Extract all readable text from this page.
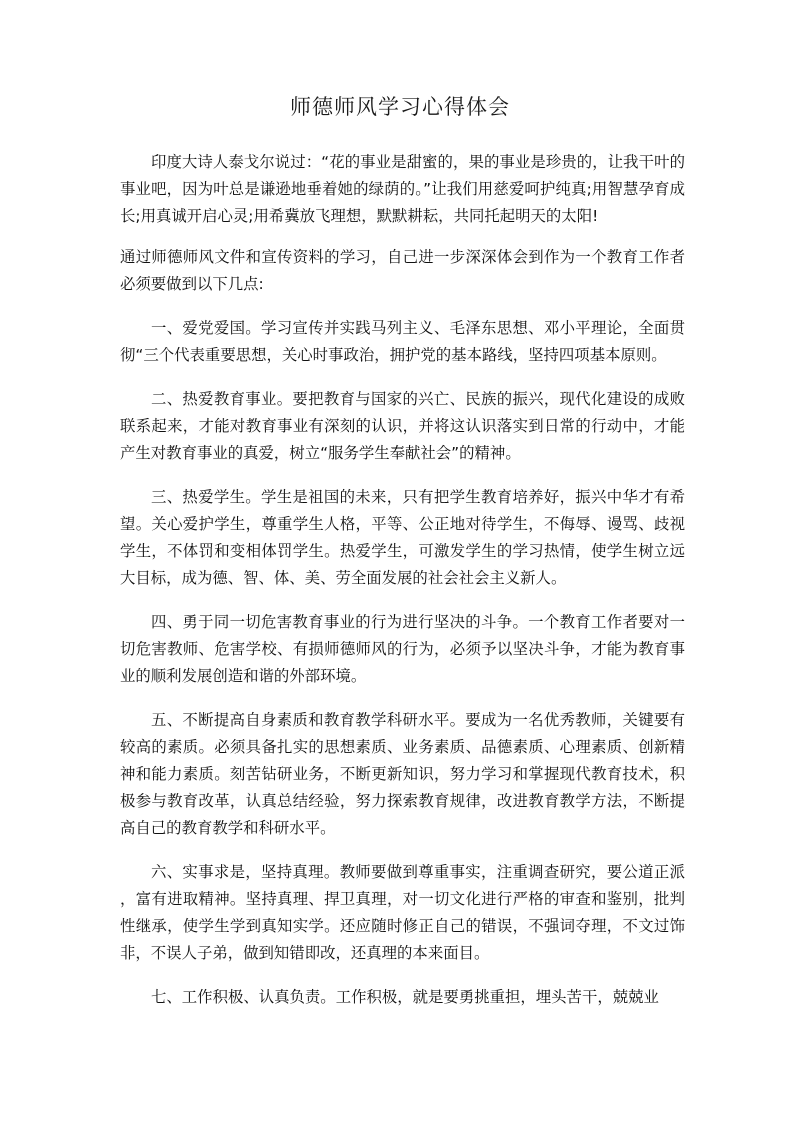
师德师风学习心得体会

印度大诗人泰戈尔说过：“花的事业是甜蜜的，果的事业是珍贵的，让我干叶的事业吧，因为叶总是谦逊地垂着她的绿荫的。”让我们用慈爱呵护纯真;用智慧孕育成长;用真诚开启心灵;用希冀放飞理想，默默耕耘，共同托起明天的太阳!

通过师德师风文件和宣传资料的学习，自己进一步深深体会到作为一个教育工作者必须要做到以下几点:

一、爱党爱国。学习宣传并实践马列主义、毛泽东思想、邓小平理论，全面贯彻“三个代表重要思想，关心时事政治，拥护党的基本路线，坚持四项基本原则。

二、热爱教育事业。要把教育与国家的兴亡、民族的振兴，现代化建设的成败联系起来，才能对教育事业有深刻的认识，并将这认识落实到日常的行动中，才能产生对教育事业的真爱，树立“服务学生奉献社会”的精神。

三、热爱学生。学生是祖国的未来，只有把学生教育培养好，振兴中华才有希望。关心爱护学生，尊重学生人格，平等、公正地对待学生，不侮辱、谩骂、歧视学生，不体罚和变相体罚学生。热爱学生，可激发学生的学习热情，使学生树立远大目标，成为德、智、体、美、劳全面发展的社会社会主义新人。

四、勇于同一切危害教育事业的行为进行坚决的斗争。一个教育工作者要对一切危害教师、危害学校、有损师德师风的行为，必须予以坚决斗争，才能为教育事业的顺利发展创造和谐的外部环境。

五、不断提高自身素质和教育教学科研水平。要成为一名优秀教师，关键要有较高的素质。必须具备扎实的思想素质、业务素质、品德素质、心理素质、创新精神和能力素质。刻苦钻研业务，不断更新知识，努力学习和掌握现代教育技术，积极参与教育改革，认真总结经验，努力探索教育规律，改进教育教学方法，不断提高自己的教育教学和科研水平。

六、实事求是，坚持真理。教师要做到尊重事实，注重调查研究，要公道正派，富有进取精神。坚持真理、捍卫真理，对一切文化进行严格的审查和鉴别，批判性继承，使学生学到真知实学。还应随时修正自己的错误，不强词夺理，不文过饰非，不误人子弟，做到知错即改，还真理的本来面目。

七、工作积极、认真负责。工作积极，就是要勇挑重担，埋头苦干，兢兢业
